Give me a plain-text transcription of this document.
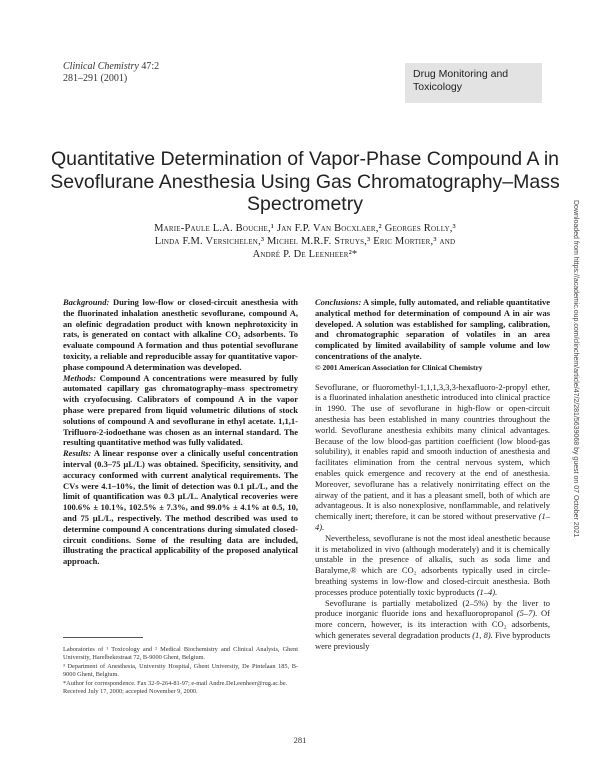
Clinical Chemistry 47:2
281–291 (2001)	Drug Monitoring and Toxicology
Quantitative Determination of Vapor-Phase Compound A in Sevoflurane Anesthesia Using Gas Chromatography–Mass Spectrometry
Marie-Paule L.A. Bouche,¹ Jan F.P. Van Bocxlaer,² Georges Rolly,³
Linda F.M. Versichelen,³ Michel M.R.F. Struys,³ Eric Mortier,³ and
André P. De Leenheer²*	Downloaded from https://academic.oup.com/clinchem/article/47/2/281/5639068 by guest on 07 October 2021

Background: During low-flow or closed-circuit anesthesia with the fluorinated inhalation anesthetic sevoflurane, compound A, an olefinic degradation product with known nephrotoxicity in rats, is generated on contact with alkaline CO₂ adsorbents. To evaluate compound A formation and thus potential sevoflurane toxicity, a reliable and reproducible assay for quantitative vapor-phase compound A determination was developed.

Methods: Compound A concentrations were measured by fully automated capillary gas chromatography–mass spectrometry with cryofocusing. Calibrators of compound A in the vapor phase were prepared from liquid volumetric dilutions of stock solutions of compound A and sevoflurane in ethyl acetate. 1,1,1-Trifluoro-2-iodoethane was chosen as an internal standard. The resulting quantitative method was fully validated.

Results: A linear response over a clinically useful concentration interval (0.3–75 µL/L) was obtained. Specificity, sensitivity, and accuracy conformed with current analytical requirements. The CVs were 4.1–10%, the limit of detection was 0.1 µL/L, and the limit of quantification was 0.3 µL/L. Analytical recoveries were 100.6% ± 10.1%, 102.5% ± 7.3%, and 99.0% ± 4.1% at 0.5, 10, and 75 µL/L, respectively. The method described was used to determine compound A concentrations during simulated closed-circuit conditions. Some of the resulting data are included, illustrating the practical applicability of the proposed analytical approach.

Conclusions: A simple, fully automated, and reliable quantitative analytical method for determination of compound A in air was developed. A solution was established for sampling, calibration, and chromatographic separation of volatiles in an area complicated by limited availability of sample volume and low concentrations of the analyte.

© 2001 American Association for Clinical Chemistry

Sevoflurane, or fluoromethyl-1,1,1,3,3,3-hexafluoro-2-propyl ether, is a fluorinated inhalation anesthetic introduced into clinical practice in 1990. The use of sevoflurane in high-flow or open-circuit anesthesia has been established in many countries throughout the world. Sevoflurane anesthesia exhibits many clinical advantages. Because of the low blood-gas partition coefficient (low blood-gas solubility), it enables rapid and smooth induction of anesthesia and facilitates elimination from the central nervous system, which enables quick emergence and recovery at the end of anesthesia. Moreover, sevoflurane has a relatively nonirritating effect on the airway of the patient, and it has a pleasant smell, both of which are advantageous. It is also nonexplosive, nonflammable, and relatively chemically inert; therefore, it can be stored without preservative (1–4).

Nevertheless, sevoflurane is not the most ideal anesthetic because it is metabolized in vivo (although moderately) and it is chemically unstable in the presence of alkalis, such as soda lime and Baralyme,® which are CO₂ adsorbents typically used in circle-breathing systems in low-flow and closed-circuit anesthesia. Both processes produce potentially toxic byproducts (1–4).

Sevoflurane is partially metabolized (2–5%) by the liver to produce inorganic fluoride ions and hexafluoropropanol (5–7). Of more concern, however, is its interaction with CO₂ adsorbents, which generates several degradation products (1, 8). Five byproducts were previously

Laboratories of ¹ Toxicology and ² Medical Biochemistry and Clinical Analysis, Ghent University, Harelbekestraat 72, B-9000 Ghent, Belgium.

³ Department of Anesthesia, University Hospital, Ghent University, De Pintelaan 185, B-9000 Ghent, Belgium.

*Author for correspondence. Fax 32-9-264-81-97; e-mail Andre.DeLeenheer@rug.ac.be.

Received July 17, 2000; accepted November 9, 2000.

281
